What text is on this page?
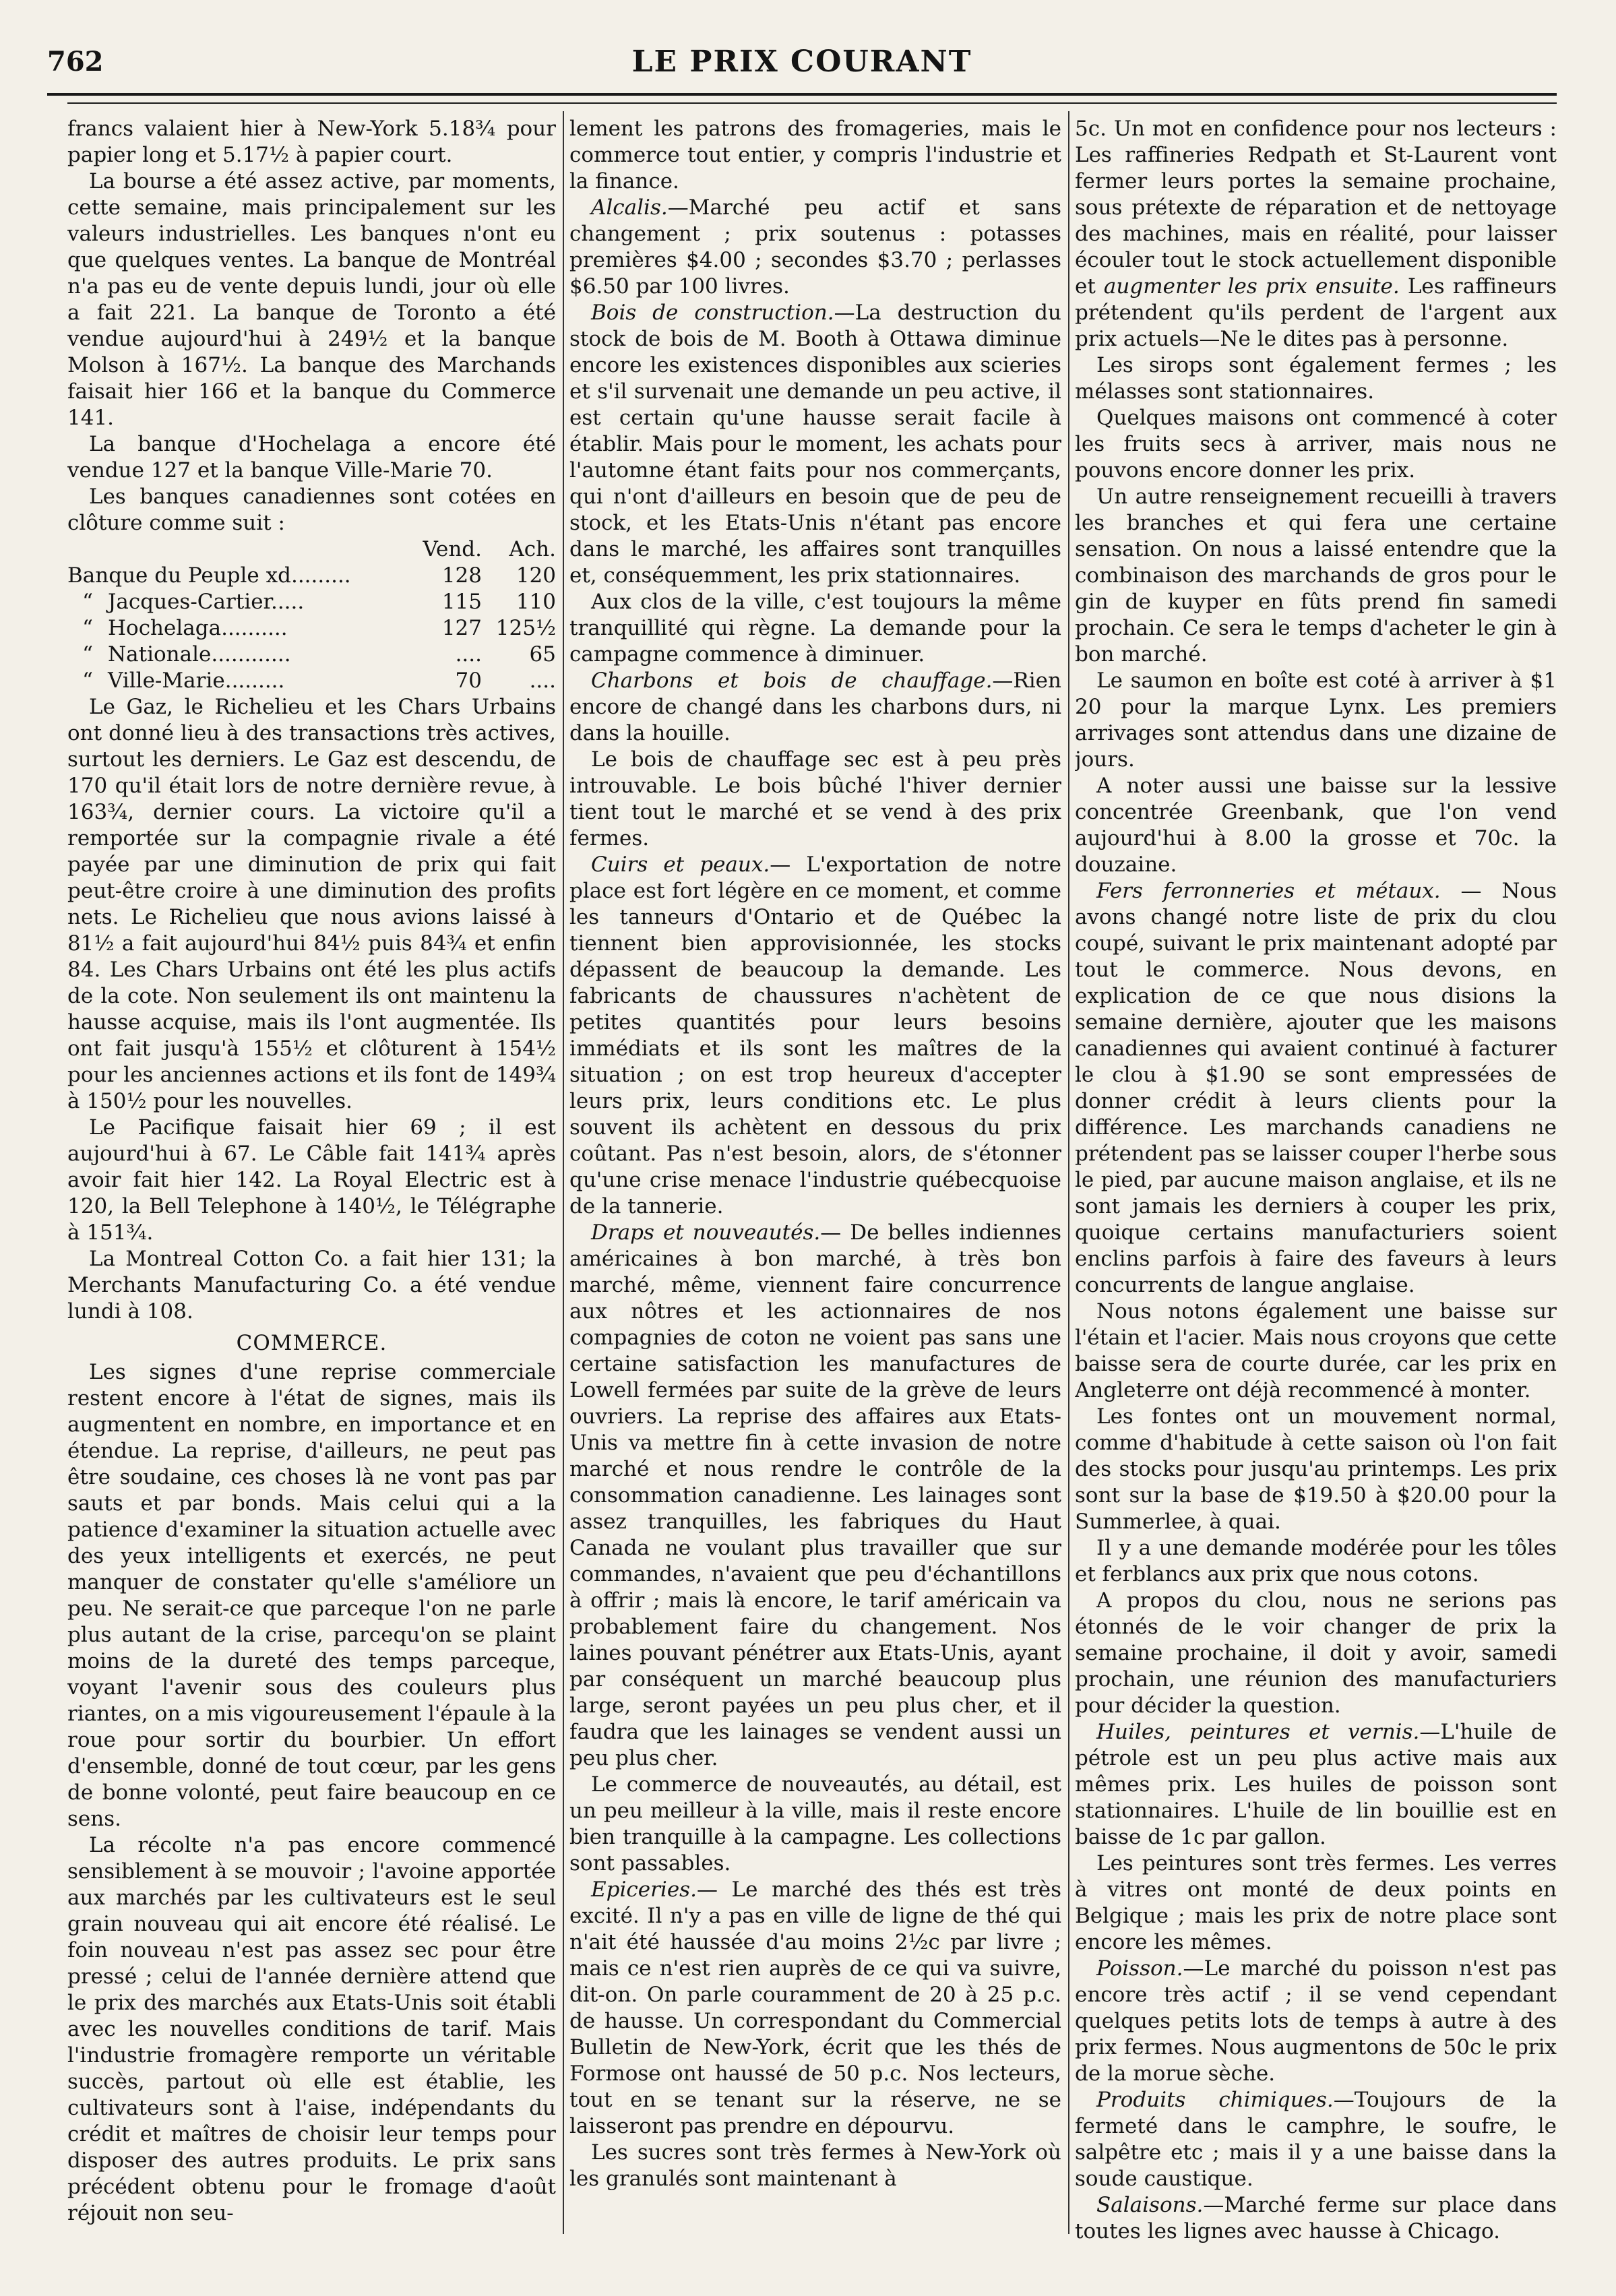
762	LE PRIX COURANT

francs valaient hier à New-York 5.18¾ pour papier long et 5.17½ à papier court.

La bourse a été assez active, par moments, cette semaine, mais principalement sur les valeurs industrielles. Les banques n'ont eu que quelques ventes. La banque de Montréal n'a pas eu de vente depuis lundi, jour où elle a fait 221. La banque de Toronto a été vendue aujourd'hui à 249½ et la banque Molson à 167½. La banque des Marchands faisait hier 166 et la banque du Commerce 141.

La banque d'Hochelaga a encore été vendue 127 et la banque Ville-Marie 70.

Les banques canadiennes sont cotées en clôture comme suit :

	Vend.	Ach.
Banque du Peuple xd.........	128	120
“ Jacques-Cartier.....	115	110
“ Hochelaga..........	127	125½
“ Nationale............	....	65
“ Ville-Marie.........	70	....

Le Gaz, le Richelieu et les Chars Urbains ont donné lieu à des transactions très actives, surtout les derniers. Le Gaz est descendu, de 170 qu'il était lors de notre dernière revue, à 163¾, dernier cours. La victoire qu'il a remportée sur la compagnie rivale a été payée par une diminution de prix qui fait peut-être croire à une diminution des profits nets. Le Richelieu que nous avions laissé à 81½ a fait aujourd'hui 84½ puis 84¾ et enfin 84. Les Chars Urbains ont été les plus actifs de la cote. Non seulement ils ont maintenu la hausse acquise, mais ils l'ont augmentée. Ils ont fait jusqu'à 155½ et clôturent à 154½ pour les anciennes actions et ils font de 149¾ à 150½ pour les nouvelles.

Le Pacifique faisait hier 69 ; il est aujourd'hui à 67. Le Câble fait 141¾ après avoir fait hier 142. La Royal Electric est à 120, la Bell Telephone à 140½, le Télégraphe à 151¾.

La Montreal Cotton Co. a fait hier 131; la Merchants Manufacturing Co. a été vendue lundi à 108.

COMMERCE.

Les signes d'une reprise commerciale restent encore à l'état de signes, mais ils augmentent en nombre, en importance et en étendue. La reprise, d'ailleurs, ne peut pas être soudaine, ces choses là ne vont pas par sauts et par bonds. Mais celui qui a la patience d'examiner la situation actuelle avec des yeux intelligents et exercés, ne peut manquer de constater qu'elle s'améliore un peu. Ne serait-ce que parceque l'on ne parle plus autant de la crise, parcequ'on se plaint moins de la dureté des temps parceque, voyant l'avenir sous des couleurs plus riantes, on a mis vigoureusement l'épaule à la roue pour sortir du bourbier. Un effort d'ensemble, donné de tout cœur, par les gens de bonne volonté, peut faire beaucoup en ce sens.

La récolte n'a pas encore commencé sensiblement à se mouvoir ; l'avoine apportée aux marchés par les cultivateurs est le seul grain nouveau qui ait encore été réalisé. Le foin nouveau n'est pas assez sec pour être pressé ; celui de l'année dernière attend que le prix des marchés aux Etats-Unis soit établi avec les nouvelles conditions de tarif. Mais l'industrie fromagère remporte un véritable succès, partout où elle est établie, les cultivateurs sont à l'aise, indépendants du crédit et maîtres de choisir leur temps pour disposer des autres produits. Le prix sans précédent obtenu pour le fromage d'août réjouit non seu-

lement les patrons des fromageries, mais le commerce tout entier, y compris l'industrie et la finance.

Alcalis.—Marché peu actif et sans changement ; prix soutenus : potasses premières $4.00 ; secondes $3.70 ; perlasses $6.50 par 100 livres.

Bois de construction.—La destruction du stock de bois de M. Booth à Ottawa diminue encore les existences disponibles aux scieries et s'il survenait une demande un peu active, il est certain qu'une hausse serait facile à établir. Mais pour le moment, les achats pour l'automne étant faits pour nos commerçants, qui n'ont d'ailleurs en besoin que de peu de stock, et les Etats-Unis n'étant pas encore dans le marché, les affaires sont tranquilles et, conséquemment, les prix stationnaires.

Aux clos de la ville, c'est toujours la même tranquillité qui règne. La demande pour la campagne commence à diminuer.

Charbons et bois de chauffage.—Rien encore de changé dans les charbons durs, ni dans la houille.

Le bois de chauffage sec est à peu près introuvable. Le bois bûché l'hiver dernier tient tout le marché et se vend à des prix fermes.

Cuirs et peaux.— L'exportation de notre place est fort légère en ce moment, et comme les tanneurs d'Ontario et de Québec la tiennent bien approvisionnée, les stocks dépassent de beaucoup la demande. Les fabricants de chaussures n'achètent de petites quantités pour leurs besoins immédiats et ils sont les maîtres de la situation ; on est trop heureux d'accepter leurs prix, leurs conditions etc. Le plus souvent ils achètent en dessous du prix coûtant. Pas n'est besoin, alors, de s'étonner qu'une crise menace l'industrie québecquoise de la tannerie.

Draps et nouveautés.— De belles indiennes américaines à bon marché, à très bon marché, même, viennent faire concurrence aux nôtres et les actionnaires de nos compagnies de coton ne voient pas sans une certaine satisfaction les manufactures de Lowell fermées par suite de la grève de leurs ouvriers. La reprise des affaires aux Etats-Unis va mettre fin à cette invasion de notre marché et nous rendre le contrôle de la consommation canadienne. Les lainages sont assez tranquilles, les fabriques du Haut Canada ne voulant plus travailler que sur commandes, n'avaient que peu d'échantillons à offrir ; mais là encore, le tarif américain va probablement faire du changement. Nos laines pouvant pénétrer aux Etats-Unis, ayant par conséquent un marché beaucoup plus large, seront payées un peu plus cher, et il faudra que les lainages se vendent aussi un peu plus cher.

Le commerce de nouveautés, au détail, est un peu meilleur à la ville, mais il reste encore bien tranquille à la campagne. Les collections sont passables.

Epiceries.— Le marché des thés est très excité. Il n'y a pas en ville de ligne de thé qui n'ait été haussée d'au moins 2½c par livre ; mais ce n'est rien auprès de ce qui va suivre, dit-on. On parle couramment de 20 à 25 p.c. de hausse. Un correspondant du Commercial Bulletin de New-York, écrit que les thés de Formose ont haussé de 50 p.c. Nos lecteurs, tout en se tenant sur la réserve, ne se laisseront pas prendre en dépourvu.

Les sucres sont très fermes à New-York où les granulés sont maintenant à

5c. Un mot en confidence pour nos lecteurs : Les raffineries Redpath et St-Laurent vont fermer leurs portes la semaine prochaine, sous prétexte de réparation et de nettoyage des machines, mais en réalité, pour laisser écouler tout le stock actuellement disponible et augmenter les prix ensuite. Les raffineurs prétendent qu'ils perdent de l'argent aux prix actuels—Ne le dites pas à personne.

Les sirops sont également fermes ; les mélasses sont stationnaires.

Quelques maisons ont commencé à coter les fruits secs à arriver, mais nous ne pouvons encore donner les prix.

Un autre renseignement recueilli à travers les branches et qui fera une certaine sensation. On nous a laissé entendre que la combinaison des marchands de gros pour le gin de kuyper en fûts prend fin samedi prochain. Ce sera le temps d'acheter le gin à bon marché.

Le saumon en boîte est coté à arriver à $1 20 pour la marque Lynx. Les premiers arrivages sont attendus dans une dizaine de jours.

A noter aussi une baisse sur la lessive concentrée Greenbank, que l'on vend aujourd'hui à 8.00 la grosse et 70c. la douzaine.

Fers ferronneries et métaux. — Nous avons changé notre liste de prix du clou coupé, suivant le prix maintenant adopté par tout le commerce. Nous devons, en explication de ce que nous disions la semaine dernière, ajouter que les maisons canadiennes qui avaient continué à facturer le clou à $1.90 se sont empressées de donner crédit à leurs clients pour la différence. Les marchands canadiens ne prétendent pas se laisser couper l'herbe sous le pied, par aucune maison anglaise, et ils ne sont jamais les derniers à couper les prix, quoique certains manufacturiers soient enclins parfois à faire des faveurs à leurs concurrents de langue anglaise.

Nous notons également une baisse sur l'étain et l'acier. Mais nous croyons que cette baisse sera de courte durée, car les prix en Angleterre ont déjà recommencé à monter.

Les fontes ont un mouvement normal, comme d'habitude à cette saison où l'on fait des stocks pour jusqu'au printemps. Les prix sont sur la base de $19.50 à $20.00 pour la Summerlee, à quai.

Il y a une demande modérée pour les tôles et ferblancs aux prix que nous cotons.

A propos du clou, nous ne serions pas étonnés de le voir changer de prix la semaine prochaine, il doit y avoir, samedi prochain, une réunion des manufacturiers pour décider la question.

Huiles, peintures et vernis.—L'huile de pétrole est un peu plus active mais aux mêmes prix. Les huiles de poisson sont stationnaires. L'huile de lin bouillie est en baisse de 1c par gallon.

Les peintures sont très fermes. Les verres à vitres ont monté de deux points en Belgique ; mais les prix de notre place sont encore les mêmes.

Poisson.—Le marché du poisson n'est pas encore très actif ; il se vend cependant quelques petits lots de temps à autre à des prix fermes. Nous augmentons de 50c le prix de la morue sèche.

Produits chimiques.—Toujours de la fermeté dans le camphre, le soufre, le salpêtre etc ; mais il y a une baisse dans la soude caustique.

Salaisons.—Marché ferme sur place dans toutes les lignes avec hausse à Chicago.
